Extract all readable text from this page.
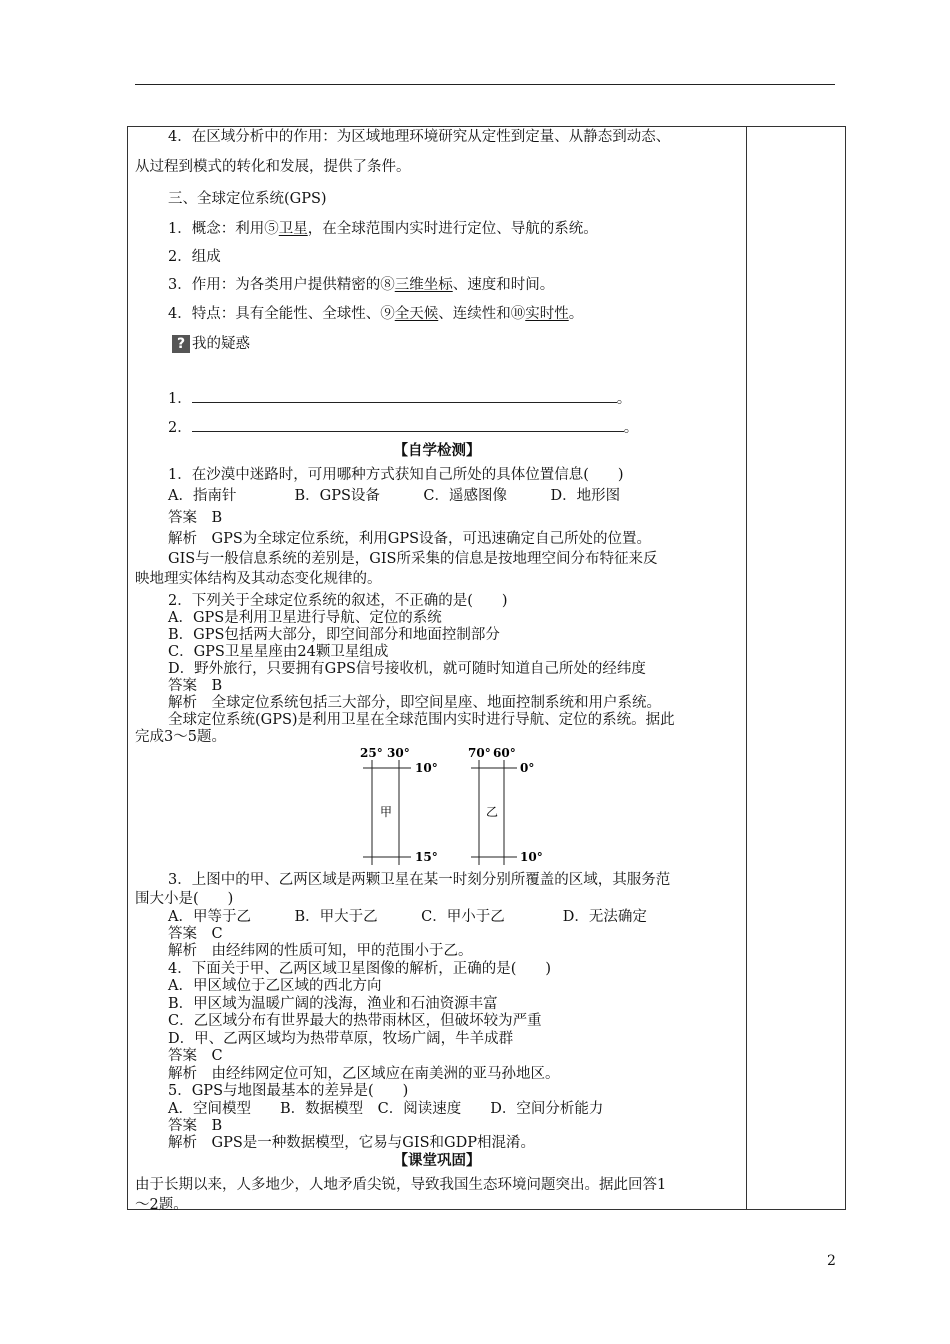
4．在区域分析中的作用：为区域地理环境研究从定性到定量、从静态到动态、
从过程到模式的转化和发展，提供了条件。
三、全球定位系统(GPS)
1．概念：利用⑤卫星，在全球范围内实时进行定位、导航的系统。
2．组成
3．作用：为各类用户提供精密的⑧三维坐标、速度和时间。
4．特点：具有全能性、全球性、⑨全天候、连续性和⑩实时性。
? 我的疑惑
1．	。
2．	。
【自学检测】
1．在沙漠中迷路时，可用哪种方式获知自己所处的具体位置信息(　　)
A．指南针　　　　B．GPS设备　　　C．遥感图像　　　D．地形图
答案　B
解析　GPS为全球定位系统，利用GPS设备，可迅速确定自己所处的位置。
GIS与一般信息系统的差别是，GIS所采集的信息是按地理空间分布特征来反
映地理实体结构及其动态变化规律的。
2．下列关于全球定位系统的叙述，不正确的是(　　)
A．GPS是利用卫星进行导航、定位的系统
B．GPS包括两大部分，即空间部分和地面控制部分
C．GPS卫星星座由24颗卫星组成
D．野外旅行，只要拥有GPS信号接收机，就可随时知道自己所处的经纬度
答案　B
解析　全球定位系统包括三大部分，即空间星座、地面控制系统和用户系统。
全球定位系统(GPS)是利用卫星在全球范围内实时进行导航、定位的系统。据此
完成3～5题。
25° 30°
10°
15°
甲
70° 60°
0°
10°
乙
3．上图中的甲、乙两区域是两颗卫星在某一时刻分别所覆盖的区域，其服务范
围大小是(　　)
A．甲等于乙　　　B．甲大于乙　　　C．甲小于乙　　　　D．无法确定
答案　C
解析　由经纬网的性质可知，甲的范围小于乙。
4．下面关于甲、乙两区域卫星图像的解析，正确的是(　　)
A．甲区域位于乙区域的西北方向
B．甲区域为温暖广阔的浅海，渔业和石油资源丰富
C．乙区域分布有世界最大的热带雨林区，但破坏较为严重
D．甲、乙两区域均为热带草原，牧场广阔，牛羊成群
答案　C
解析　由经纬网定位可知，乙区域应在南美洲的亚马孙地区。
5．GPS与地图最基本的差异是(　　)
A．空间模型　　B．数据模型　C．阅读速度　　D．空间分析能力
答案　B
解析　GPS是一种数据模型，它易与GIS和GDP相混淆。
【课堂巩固】
由于长期以来，人多地少，人地矛盾尖锐，导致我国生态环境问题突出。据此回答1
～2题。
2
